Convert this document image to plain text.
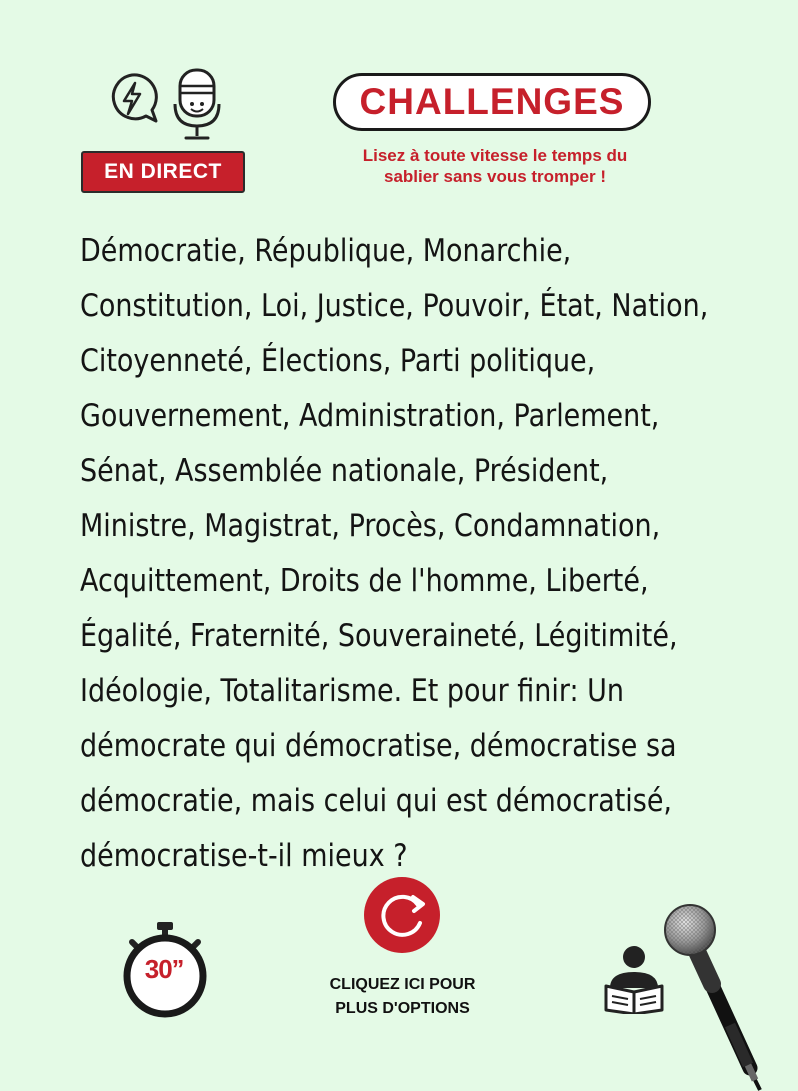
EN DIRECT
CHALLENGES
Lisez à toute vitesse le temps du
sablier sans vous tromper !
Démocratie, République, Monarchie,
Constitution, Loi, Justice, Pouvoir, État, Nation,
Citoyenneté, Élections, Parti politique,
Gouvernement, Administration, Parlement,
Sénat, Assemblée nationale, Président,
Ministre, Magistrat, Procès, Condamnation,
Acquittement, Droits de l'homme, Liberté,
Égalité, Fraternité, Souveraineté, Légitimité,
Idéologie, Totalitarisme. Et pour finir: Un
démocrate qui démocratise, démocratise sa
démocratie, mais celui qui est démocratisé,
démocratise-t-il mieux ?
30’’
CLIQUEZ ICI POUR
PLUS D'OPTIONS
